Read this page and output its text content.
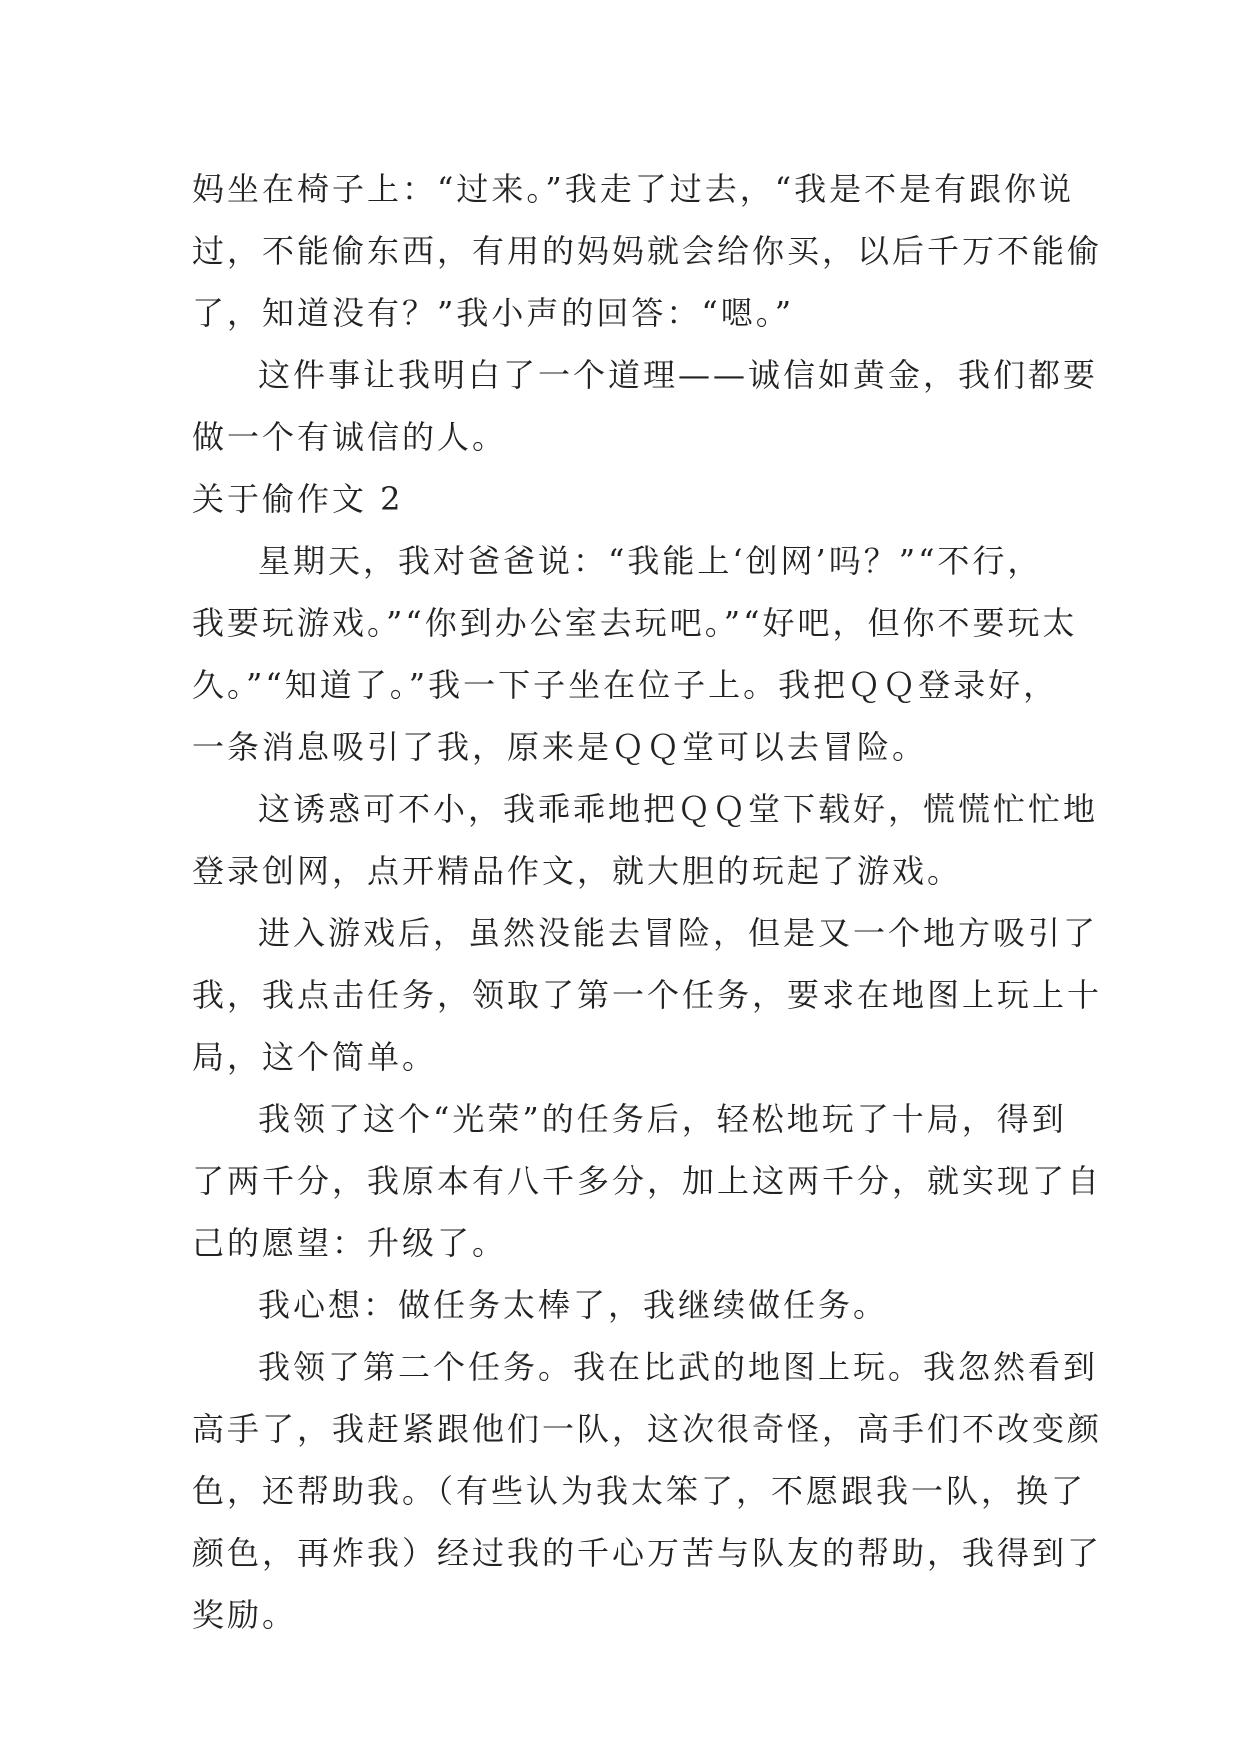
妈坐在椅子上：“过来。”我走了过去，“我是不是有跟你说
过，不能偷东西，有用的妈妈就会给你买，以后千万不能偷
了，知道没有？”我小声的回答：“嗯。”
这件事让我明白了一个道理——诚信如黄金，我们都要
做一个有诚信的人。
关于偷作文 2
星期天，我对爸爸说：“我能上‘创网’吗？”“不行，
我要玩游戏。”“你到办公室去玩吧。”“好吧，但你不要玩太
久。”“知道了。”我一下子坐在位子上。我把ＱＱ登录好，
一条消息吸引了我，原来是ＱＱ堂可以去冒险。
这诱惑可不小，我乖乖地把ＱＱ堂下载好，慌慌忙忙地
登录创网，点开精品作文，就大胆的玩起了游戏。
进入游戏后，虽然没能去冒险，但是又一个地方吸引了
我，我点击任务，领取了第一个任务，要求在地图上玩上十
局，这个简单。
我领了这个“光荣”的任务后，轻松地玩了十局，得到
了两千分，我原本有八千多分，加上这两千分，就实现了自
己的愿望：升级了。
我心想：做任务太棒了，我继续做任务。
我领了第二个任务。我在比武的地图上玩。我忽然看到
高手了，我赶紧跟他们一队，这次很奇怪，高手们不改变颜
色，还帮助我。（有些认为我太笨了，不愿跟我一队，换了
颜色，再炸我）经过我的千心万苦与队友的帮助，我得到了
奖励。
